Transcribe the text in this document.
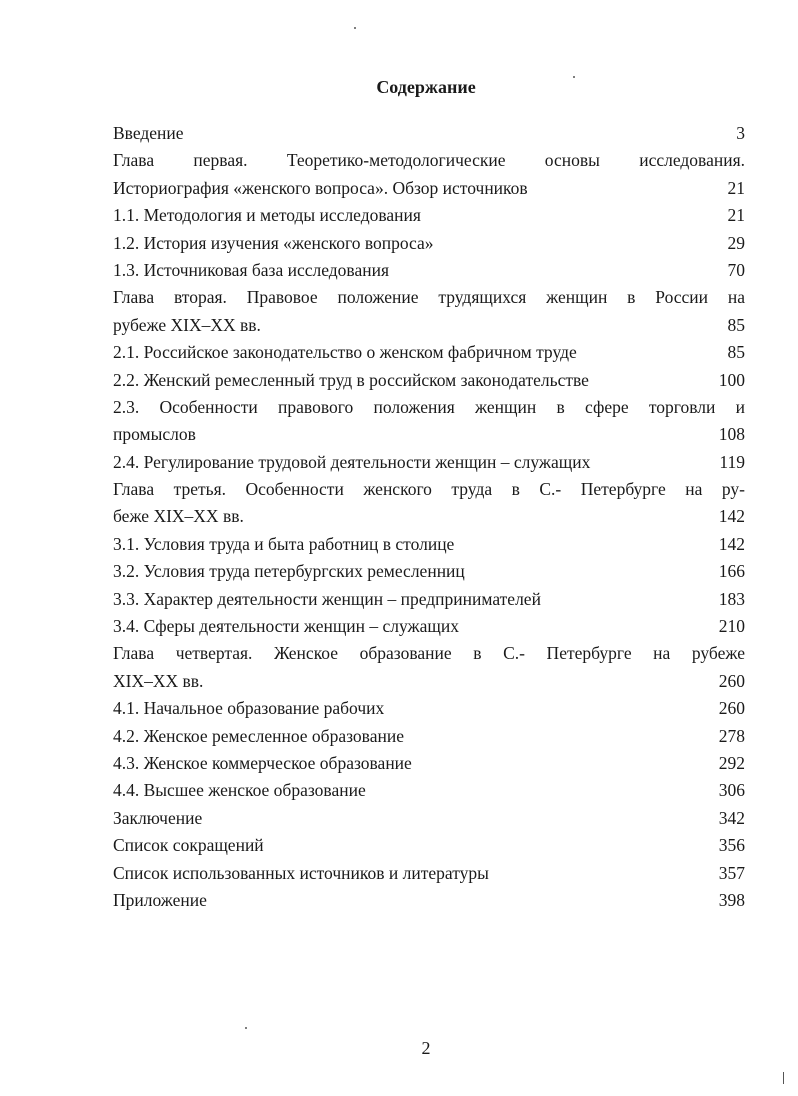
Содержание
Введение	3
Глава первая. Теоретико-методологические основы исследования.
Историография «женского вопроса». Обзор источников	21
1.1. Методология и методы исследования	21
1.2. История изучения «женского вопроса»	29
1.3. Источниковая база исследования	70
Глава вторая. Правовое положение трудящихся женщин в России на
рубеже XIX–XX вв.	85
2.1. Российское законодательство о женском фабричном труде	85
2.2. Женский ремесленный труд в российском законодательстве	100
2.3. Особенности правового положения женщин в сфере торговли и
промыслов	108
2.4. Регулирование трудовой деятельности женщин – служащих	119
Глава третья. Особенности женского труда в С.- Петербурге на ру-
беже XIX–XX вв.	142
3.1. Условия труда и быта работниц в столице	142
3.2. Условия труда петербургских ремесленниц	166
3.3. Характер деятельности женщин – предпринимателей	183
3.4. Сферы деятельности женщин – служащих	210
Глава четвертая. Женское образование в С.- Петербурге на рубеже
XIX–XX вв.	260
4.1. Начальное образование рабочих	260
4.2. Женское ремесленное образование	278
4.3. Женское коммерческое образование	292
4.4. Высшее женское образование	306
Заключение	342
Список сокращений	356
Список использованных источников и литературы	357
Приложение	398
2
